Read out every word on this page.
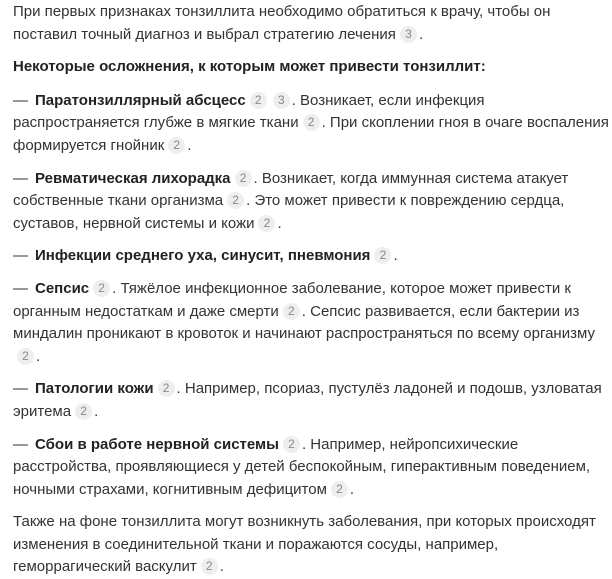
При первых признаках тонзиллита необходимо обратиться к врачу, чтобы он поставил точный диагноз и выбрал стратегию лечения 3 .

Некоторые осложнения, к которым может привести тонзиллит:

— Паратонзиллярный абсцесс 2 3 . Возникает, если инфекция распространяется глубже в мягкие ткани 2 . При скоплении гноя в очаге воспаления формируется гнойник 2 .
— Ревматическая лихорадка 2 . Возникает, когда иммунная система атакует собственные ткани организма 2 . Это может привести к повреждению сердца, суставов, нервной системы и кожи 2 .
— Инфекции среднего уха, синусит, пневмония 2 .
— Сепсис 2 . Тяжёлое инфекционное заболевание, которое может привести к органным недостаткам и даже смерти 2 . Сепсис развивается, если бактерии из миндалин проникают в кровоток и начинают распространяться по всему организму2 .
— Патологии кожи 2 . Например, псориаз, пустулёз ладоней и подошв, узловатая эритема 2 .
— Сбои в работе нервной системы 2 . Например, нейропсихические расстройства, проявляющиеся у детей беспокойным, гиперактивным поведением, ночными страхами, когнитивным дефицитом 2 .

Также на фоне тонзиллита могут возникнуть заболевания, при которых происходят изменения в соединительной ткани и поражаются сосуды, например, геморрагический васкулит 2 .
